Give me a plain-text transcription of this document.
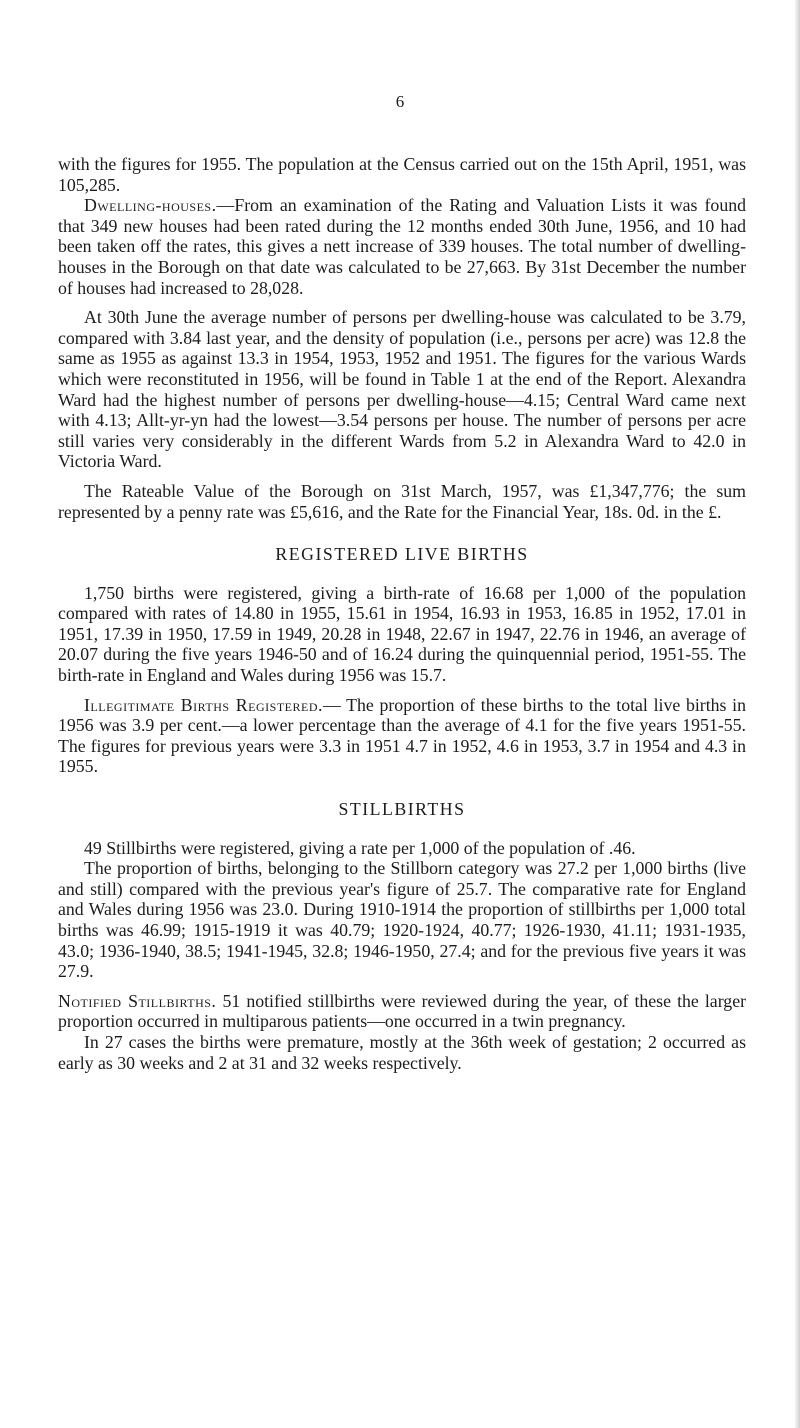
6

with the figures for 1955. The population at the Census carried out on the 15th April, 1951, was 105,285.

Dwelling-houses.—From an examination of the Rating and Valuation Lists it was found that 349 new houses had been rated during the 12 months ended 30th June, 1956, and 10 had been taken off the rates, this gives a nett increase of 339 houses. The total number of dwelling-houses in the Borough on that date was calculated to be 27,663. By 31st December the number of houses had increased to 28,028.

At 30th June the average number of persons per dwelling-house was calculated to be 3.79, compared with 3.84 last year, and the density of population (i.e., persons per acre) was 12.8 the same as 1955 as against 13.3 in 1954, 1953, 1952 and 1951. The figures for the various Wards which were reconstituted in 1956, will be found in Table 1 at the end of the Report. Alexandra Ward had the highest number of persons per dwelling-house—4.15; Central Ward came next with 4.13; Allt-yr-yn had the lowest—3.54 persons per house. The number of persons per acre still varies very considerably in the different Wards from 5.2 in Alexandra Ward to 42.0 in Victoria Ward.

The Rateable Value of the Borough on 31st March, 1957, was £1,347,776; the sum represented by a penny rate was £5,616, and the Rate for the Financial Year, 18s. 0d. in the £.

REGISTERED LIVE BIRTHS

1,750 births were registered, giving a birth-rate of 16.68 per 1,000 of the population compared with rates of 14.80 in 1955, 15.61 in 1954, 16.93 in 1953, 16.85 in 1952, 17.01 in 1951, 17.39 in 1950, 17.59 in 1949, 20.28 in 1948, 22.67 in 1947, 22.76 in 1946, an average of 20.07 during the five years 1946-50 and of 16.24 during the quinquennial period, 1951-55. The birth-rate in England and Wales during 1956 was 15.7.

Illegitimate Births Registered.— The proportion of these births to the total live births in 1956 was 3.9 per cent.—a lower percentage than the average of 4.1 for the five years 1951-55. The figures for previous years were 3.3 in 1951 4.7 in 1952, 4.6 in 1953, 3.7 in 1954 and 4.3 in 1955.

STILLBIRTHS

49 Stillbirths were registered, giving a rate per 1,000 of the population of .46.

The proportion of births, belonging to the Stillborn category was 27.2 per 1,000 births (live and still) compared with the previous year's figure of 25.7. The comparative rate for England and Wales during 1956 was 23.0. During 1910-1914 the proportion of stillbirths per 1,000 total births was 46.99; 1915-1919 it was 40.79; 1920-1924, 40.77; 1926-1930, 41.11; 1931-1935, 43.0; 1936-1940, 38.5; 1941-1945, 32.8; 1946-1950, 27.4; and for the previous five years it was 27.9.

Notified Stillbirths. 51 notified stillbirths were reviewed during the year, of these the larger proportion occurred in multiparous patients—one occurred in a twin pregnancy.

In 27 cases the births were premature, mostly at the 36th week of gestation; 2 occurred as early as 30 weeks and 2 at 31 and 32 weeks respectively.
